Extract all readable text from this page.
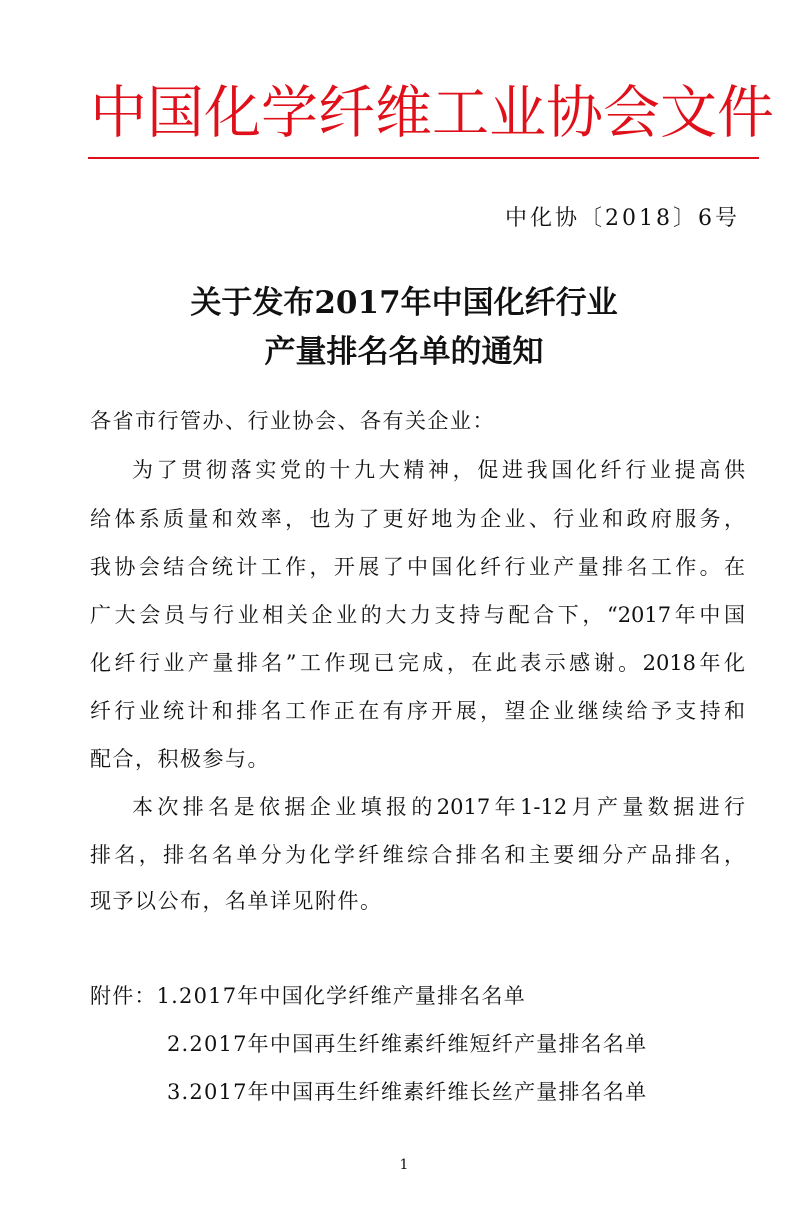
中国化学纤维工业协会文件
中化协〔2018〕6号
关于发布2017年中国化纤行业
产量排名名单的通知
各省市行管办、行业协会、各有关企业：
为了贯彻落实党的十九大精神，促进我国化纤行业提高供
给体系质量和效率，也为了更好地为企业、行业和政府服务，
我协会结合统计工作，开展了中国化纤行业产量排名工作。在
广大会员与行业相关企业的大力支持与配合下，“2017年中国
化纤行业产量排名”工作现已完成，在此表示感谢。2018年化
纤行业统计和排名工作正在有序开展，望企业继续给予支持和
配合，积极参与。
本次排名是依据企业填报的2017年1-12月产量数据进行
排名，排名名单分为化学纤维综合排名和主要细分产品排名，
现予以公布，名单详见附件。
附件：1.2017年中国化学纤维产量排名名单
2.2017年中国再生纤维素纤维短纤产量排名名单
3.2017年中国再生纤维素纤维长丝产量排名名单
1
